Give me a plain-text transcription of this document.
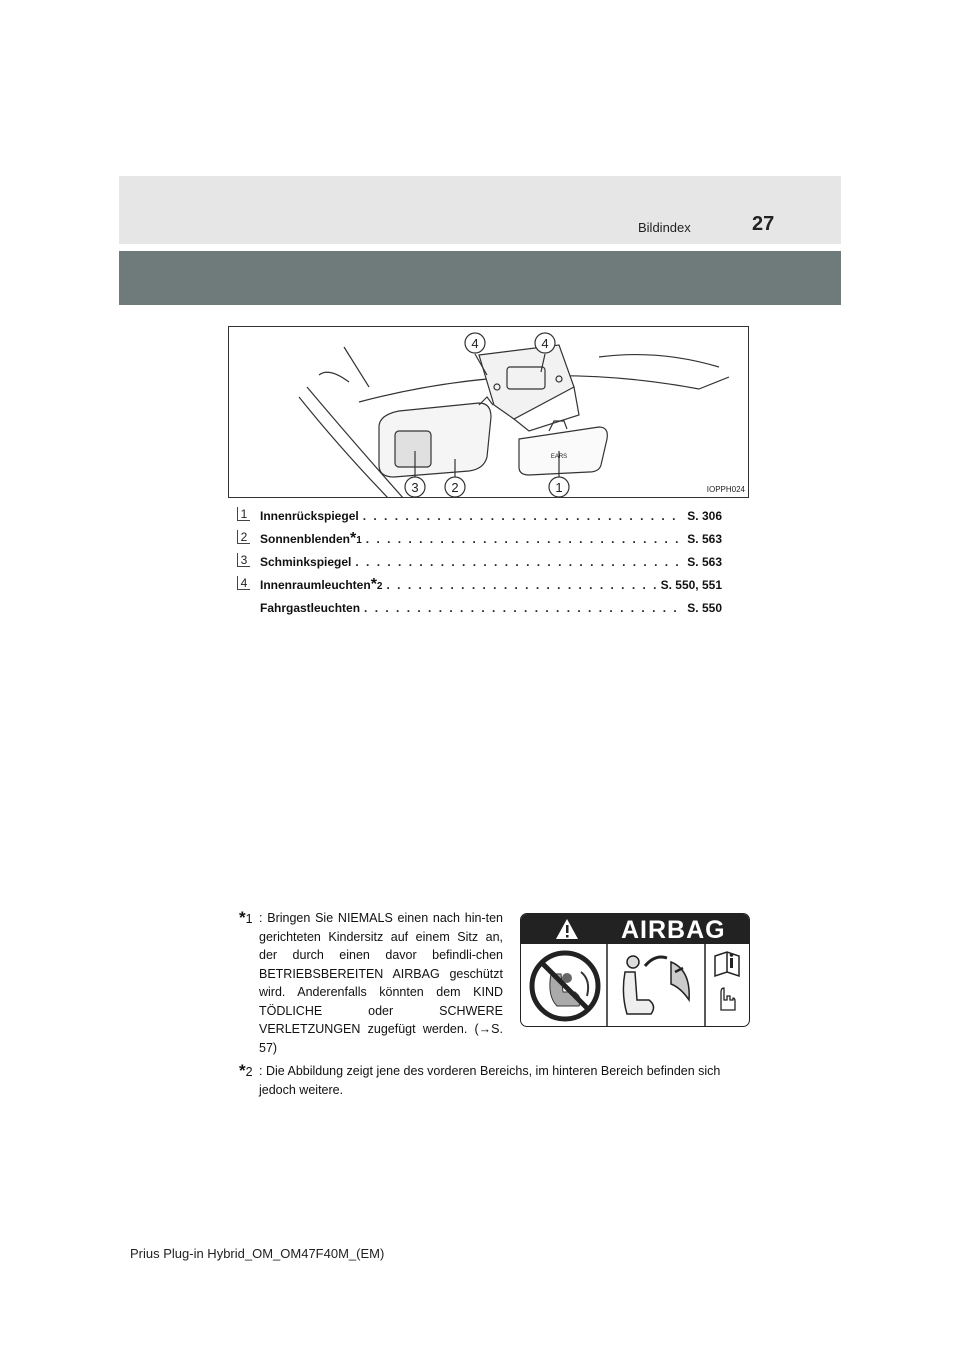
Bildindex	27
4	4
3	2	1
EARS
IOPPH024
1 Innenrückspiegel . . .	S. 306
2 Sonnenblenden *1 . . .	S. 563
3 Schminkspiegel . . .	S. 563
4 Innenraumleuchten *2 . . .	S. 550, 551
Fahrgastleuchten . . .	S. 550
*1 : Bringen Sie NIEMALS einen nach hin-ten gerichteten Kindersitz auf einem Sitz an, der durch einen davor befindli-chen BETRIEBSBEREITEN AIRBAG geschützt wird. Anderenfalls könnten dem KIND TÖDLICHE oder SCHWERE VERLETZUNGEN zugefügt werden. (→S. 57)
AIRBAG
*2 : Die Abbildung zeigt jene des vorderen Bereichs, im hinteren Bereich befinden sich jedoch weitere.
Prius Plug-in Hybrid_OM_OM47F40M_(EM)
